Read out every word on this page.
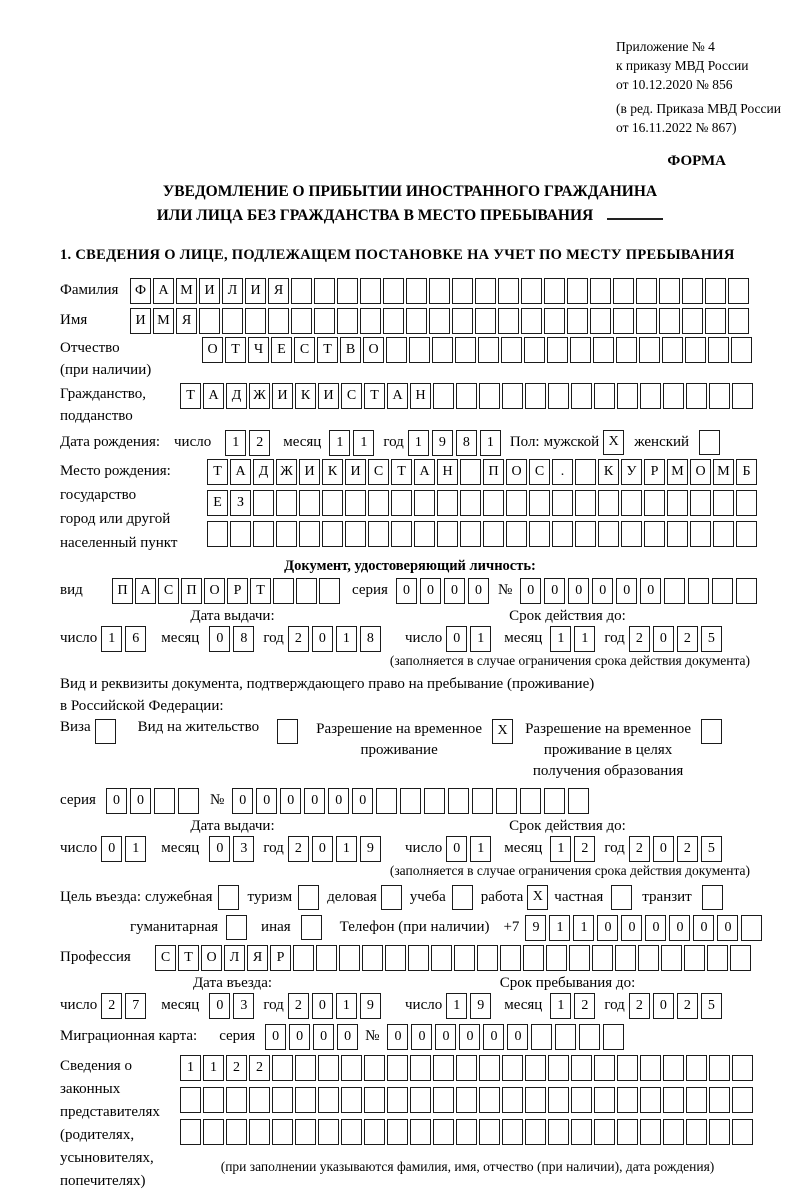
Приложение № 4
к приказу МВД России
от 10.12.2020 № 856
(в ред. Приказа МВД России
от 16.11.2022 № 867)
ФОРМА
УВЕДОМЛЕНИЕ О ПРИБЫТИИ ИНОСТРАННОГО ГРАЖДАНИНА
ИЛИ ЛИЦА БЕЗ ГРАЖДАНСТВА В МЕСТО ПРЕБЫВАНИЯ
1. СВЕДЕНИЯ О ЛИЦЕ, ПОДЛЕЖАЩЕМ ПОСТАНОВКЕ НА УЧЕТ ПО МЕСТУ ПРЕБЫВАНИЯ
Фамилия	Ф А М И Л И Я
Имя	И М Я
Отчество
(при наличии)
О Т	Ч	Е	С	Т	В О
Гражданство,
подданство
Т А Д Ж И К И С	Т А Н
Дата рождения: число	1	2	месяц	1	1	год 1	9	8	1	Пол: мужской X	женский
Место рождения:
государство
город или другой
населенный пункт
Т А Д Ж И К И С	Т А Н	П О С	.	К У	Р М О М Б
Е	З
Документ, удостоверяющий личность:
вид	П А С П О	Р	Т	серия	0	0	0	0	№	0	0	0	0	0	0
Дата выдачи:	Срок действия до:
число 1	6	месяц	0	8	год 2	0	1	8	число 0	1	месяц	1	1	год 2	0	2	5
(заполняется в случае ограничения срока действия документа)
Вид и реквизиты документа, подтверждающего право на пребывание (проживание)
в Российской Федерации:
Виза	Вид на жительство	Разрешение на временное
проживание
X	Разрешение на временное
проживание в целях
получения образования
серия	0	0	№	0	0	0	0	0	0
Дата выдачи:	Срок действия до:
число 0	1	месяц	0	3	год 2	0	1	9	число 0	1	месяц	1	2	год 2	0	2	5
(заполняется в случае ограничения срока действия документа)
Цель въезда: служебная туризм деловая учеба работа X частная	транзит
гуманитарная	иная	Телефон (при наличии) +7 9	1	1	0	0	0	0	0	0
Профессия	С	Т О Л Я	Р
Дата въезда:	Срок пребывания до:
число 2	7	месяц	0	3	год 2	0	1	9	число 1	9	месяц	1	2	год 2	0	2	5
Миграционная карта: серия	0	0	0	0 №	0	0	0	0	0	0
Сведения о
законных
представителях
(родителях,
усыновителях,
попечителях)
1	1	2	2
(при заполнении указываются фамилия, имя, отчество (при наличии), дата рождения)
